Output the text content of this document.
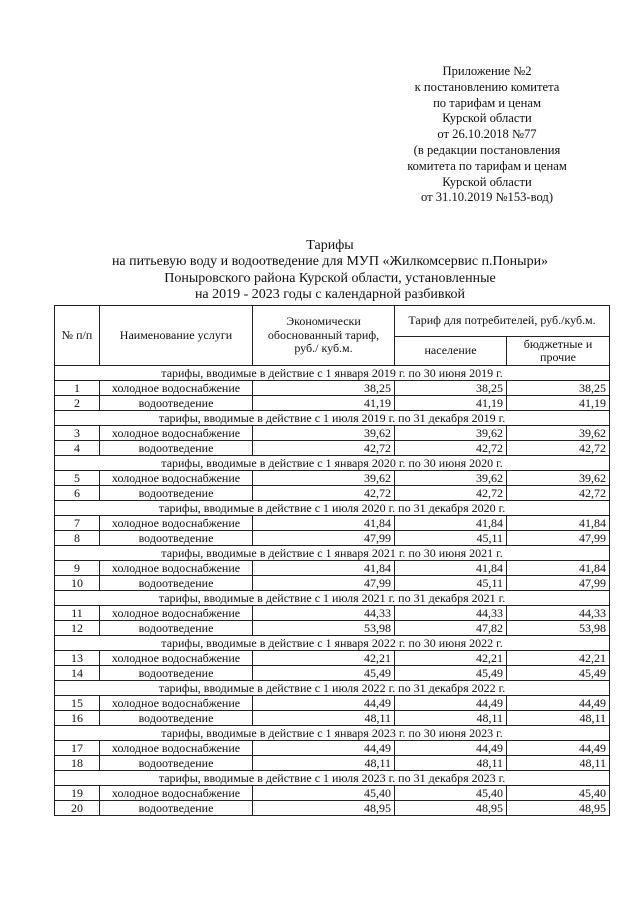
Приложение №2
к постановлению комитета
по тарифам и ценам
Курской области
от 26.10.2018 №77
(в редакции постановления
комитета по тарифам и ценам
Курской области
от 31.10.2019 №153-вод)
Тарифы
на питьевую воду и водоотведение для МУП «Жилкомсервис п.Поныри»
Поныровского района Курской области, установленные
на 2019 - 2023 годы с календарной разбивкой
№ п/п	Наименование услуги	Экономически обоснованный тариф, руб./ куб.м.	Тариф для потребителей, руб./куб.м.	
			население	бюджетные и прочие
тарифы, вводимые в действие с 1 января 2019 г. по 30 июня 2019 г.				
1	холодное водоснабжение	38,25	38,25	38,25
2	водоотведение	41,19	41,19	41,19
тарифы, вводимые в действие с 1 июля 2019 г. по 31 декабря 2019 г.				
3	холодное водоснабжение	39,62	39,62	39,62
4	водоотведение	42,72	42,72	42,72
тарифы, вводимые в действие с 1 января 2020 г. по 30 июня 2020 г.				
5	холодное водоснабжение	39,62	39,62	39,62
6	водоотведение	42,72	42,72	42,72
тарифы, вводимые в действие с 1 июля 2020 г. по 31 декабря 2020 г.				
7	холодное водоснабжение	41,84	41,84	41,84
8	водоотведение	47,99	45,11	47,99
тарифы, вводимые в действие с 1 января 2021 г. по 30 июня 2021 г.				
9	холодное водоснабжение	41,84	41,84	41,84
10	водоотведение	47,99	45,11	47,99
тарифы, вводимые в действие с 1 июля 2021 г. по 31 декабря 2021 г.				
11	холодное водоснабжение	44,33	44,33	44,33
12	водоотведение	53,98	47,82	53,98
тарифы, вводимые в действие с 1 января 2022 г. по 30 июня 2022 г.				
13	холодное водоснабжение	42,21	42,21	42,21
14	водоотведение	45,49	45,49	45,49
тарифы, вводимые в действие с 1 июля 2022 г. по 31 декабря 2022 г.				
15	холодное водоснабжение	44,49	44,49	44,49
16	водоотведение	48,11	48,11	48,11
тарифы, вводимые в действие с 1 января 2023 г. по 30 июня 2023 г.				
17	холодное водоснабжение	44,49	44,49	44,49
18	водоотведение	48,11	48,11	48,11
тарифы, вводимые в действие с 1 июля 2023 г. по 31 декабря 2023 г.				
19	холодное водоснабжение	45,40	45,40	45,40
20	водоотведение	48,95	48,95	48,95
